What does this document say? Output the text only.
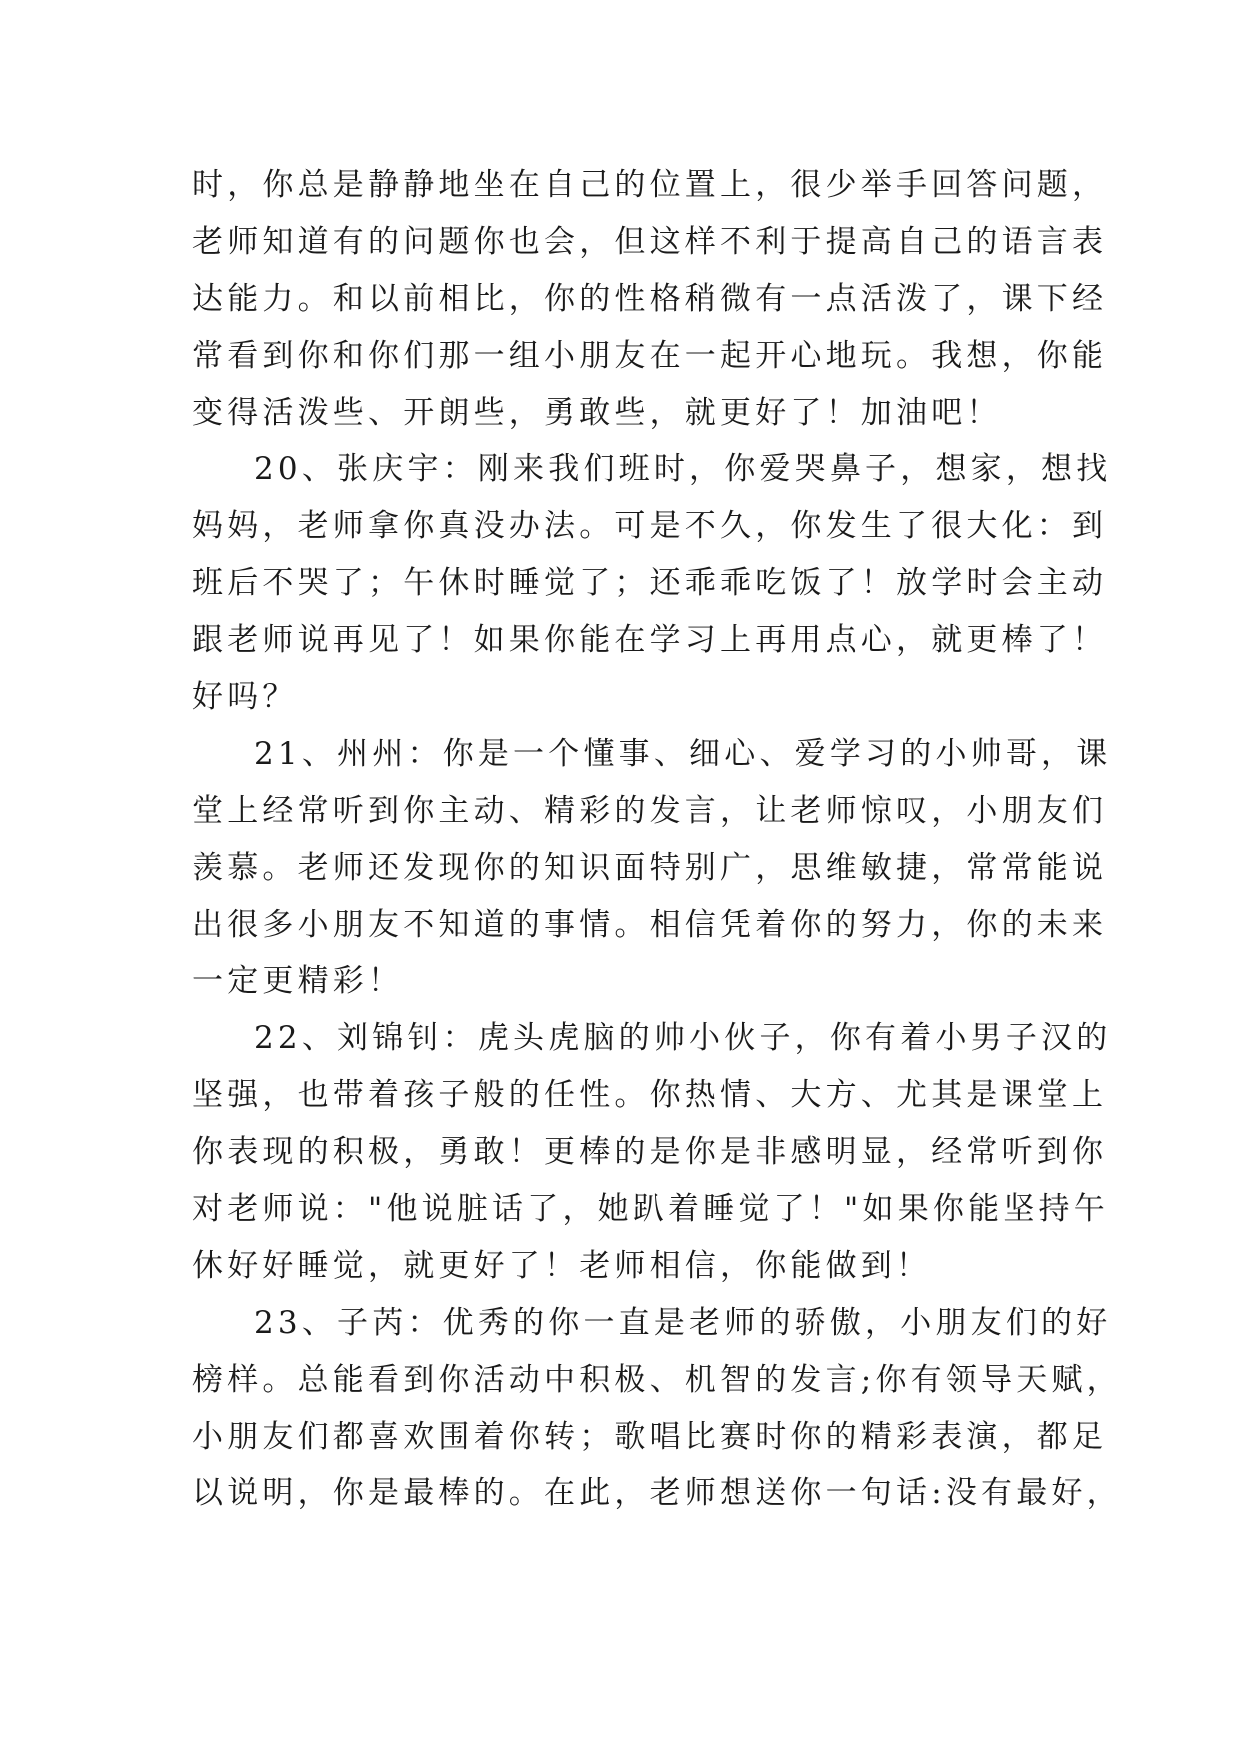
时，你总是静静地坐在自己的位置上，很少举手回答问题，
老师知道有的问题你也会，但这样不利于提高自己的语言表
达能力。和以前相比，你的性格稍微有一点活泼了，课下经
常看到你和你们那一组小朋友在一起开心地玩。我想，你能
变得活泼些、开朗些，勇敢些，就更好了！加油吧！
20、张庆宇：刚来我们班时，你爱哭鼻子，想家，想找
妈妈，老师拿你真没办法。可是不久，你发生了很大化：到
班后不哭了；午休时睡觉了；还乖乖吃饭了！放学时会主动
跟老师说再见了！如果你能在学习上再用点心，就更棒了！
好吗？
21、州州：你是一个懂事、细心、爱学习的小帅哥，课
堂上经常听到你主动、精彩的发言，让老师惊叹，小朋友们
羡慕。老师还发现你的知识面特别广，思维敏捷，常常能说
出很多小朋友不知道的事情。相信凭着你的努力，你的未来
一定更精彩！
22、刘锦钊：虎头虎脑的帅小伙子，你有着小男子汉的
坚强，也带着孩子般的任性。你热情、大方、尤其是课堂上
你表现的积极，勇敢！更棒的是你是非感明显，经常听到你
对老师说："他说脏话了，她趴着睡觉了！"如果你能坚持午
休好好睡觉，就更好了！老师相信，你能做到！
23、子芮：优秀的你一直是老师的骄傲，小朋友们的好
榜样。总能看到你活动中积极、机智的发言;你有领导天赋，
小朋友们都喜欢围着你转；歌唱比赛时你的精彩表演，都足
以说明，你是最棒的。在此，老师想送你一句话:没有最好，
